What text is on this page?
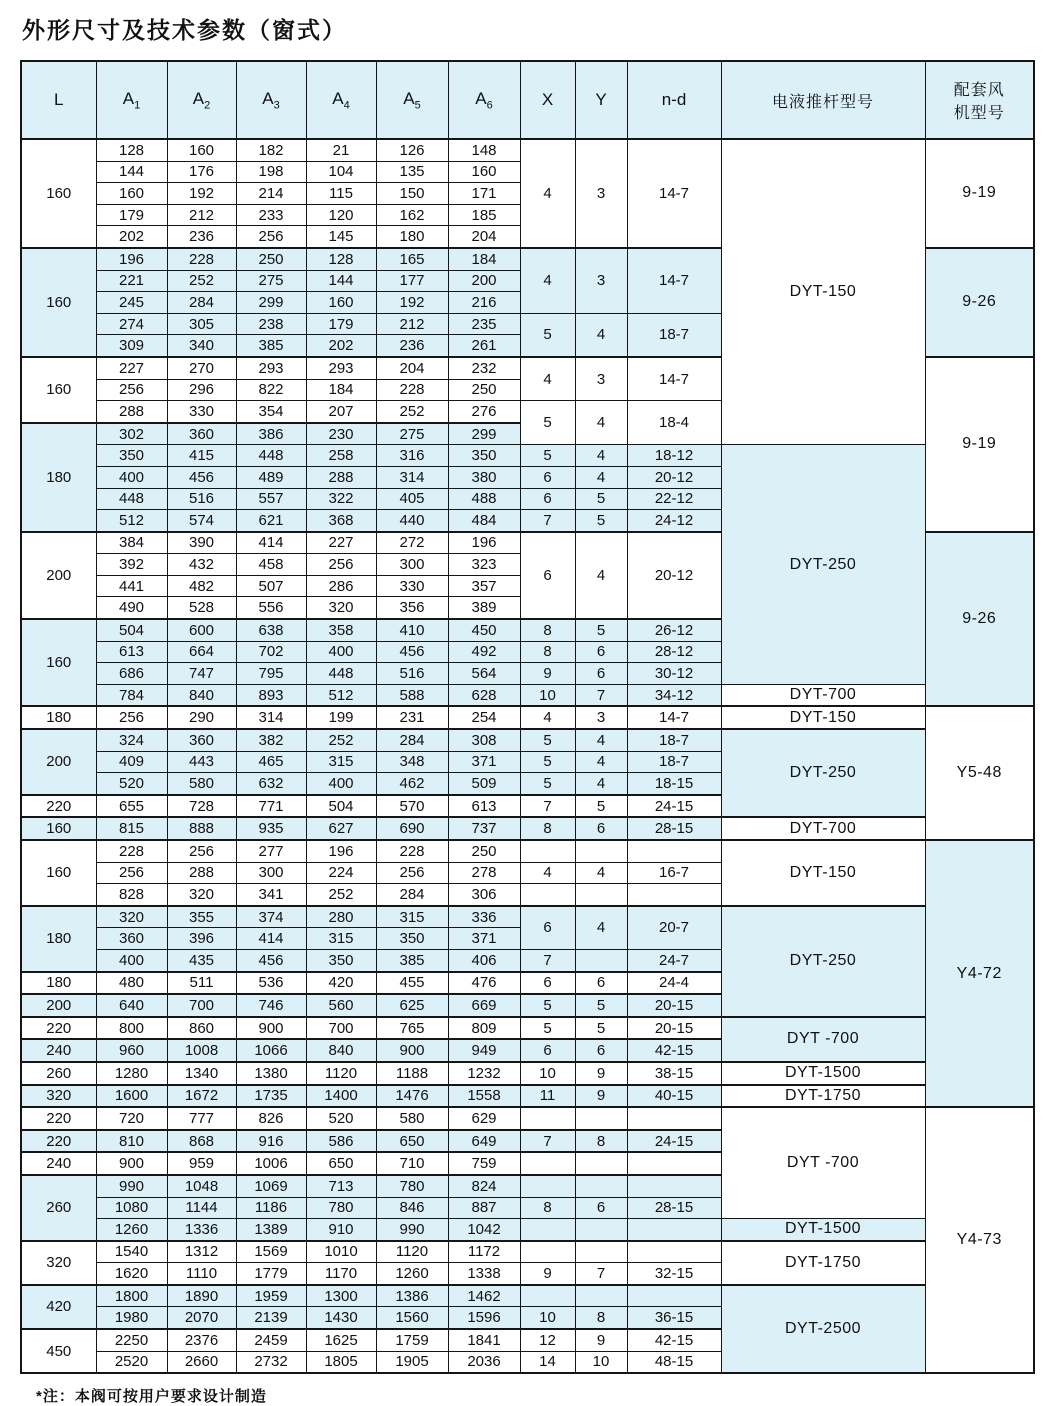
外形尺寸及技术参数（窗式）
L	$A_1$	$A_2$	$A_3$	$A_4$	$A_5$	$A_6$	X	Y	n-d	电液推杆型号	配套风
机型号
160	128	160	182	21	126	148	4	3	14-7	DYT-150	9-19
	144	176	198	104	135	160					
	160	192	214	115	150	171					
	179	212	233	120	162	185					
	202	236	256	145	180	204					
160	196	228	250	128	165	184	4	3	14-7		9-26
	221	252	275	144	177	200					
	245	284	299	160	192	216					
	274	305	238	179	212	235	5	4	18-7		
	309	340	385	202	236	261					
160	227	270	293	293	204	232	4	3	14-7		9-19
	256	296	822	184	228	250					
	288	330	354	207	252	276	5	4	18-4		
180	302	360	386	230	275	299					
	350	415	448	258	316	350	5	4	18-12	DYT-250	
	400	456	489	288	314	380	6	4	20-12		
	448	516	557	322	405	488	6	5	22-12		
	512	574	621	368	440	484	7	5	24-12		
200	384	390	414	227	272	196	6	4	20-12		9-26
	392	432	458	256	300	323					
	441	482	507	286	330	357					
	490	528	556	320	356	389					
160	504	600	638	358	410	450	8	5	26-12		
	613	664	702	400	456	492	8	6	28-12		
	686	747	795	448	516	564	9	6	30-12		
	784	840	893	512	588	628	10	7	34-12	DYT-700	
180	256	290	314	199	231	254	4	3	14-7	DYT-150	Y5-48
200	324	360	382	252	284	308	5	4	18-7	DYT-250	
	409	443	465	315	348	371	5	4	18-7		
	520	580	632	400	462	509	5	4	18-15		
220	655	728	771	504	570	613	7	5	24-15		
160	815	888	935	627	690	737	8	6	28-15	DYT-700	
160	228	256	277	196	228	250				DYT-150	Y4-72
	256	288	300	224	256	278	4	4	16-7		
	828	320	341	252	284	306					
180	320	355	374	280	315	336	6	4	20-7	DYT-250	
	360	396	414	315	350	371					
	400	435	456	350	385	406	7		24-7		
180	480	511	536	420	455	476	6	6	24-4		
200	640	700	746	560	625	669	5	5	20-15		
220	800	860	900	700	765	809	5	5	20-15	DYT -700	
240	960	1008	1066	840	900	949	6	6	42-15		
260	1280	1340	1380	1120	1188	1232	10	9	38-15	DYT-1500	
320	1600	1672	1735	1400	1476	1558	11	9	40-15	DYT-1750	
220	720	777	826	520	580	629				DYT -700	Y4-73
220	810	868	916	586	650	649	7	8	24-15		
240	900	959	1006	650	710	759					
260	990	1048	1069	713	780	824					
	1080	1144	1186	780	846	887	8	6	28-15		
	1260	1336	1389	910	990	1042				DYT-1500	
320	1540	1312	1569	1010	1120	1172				DYT-1750	
	1620	1110	1779	1170	1260	1338	9	7	32-15		
420	1800	1890	1959	1300	1386	1462				DYT-2500	
	1980	2070	2139	1430	1560	1596	10	8	36-15		
450	2250	2376	2459	1625	1759	1841	12	9	42-15		
	2520	2660	2732	1805	1905	2036	14	10	48-15		
*注：本阀可按用户要求设计制造
